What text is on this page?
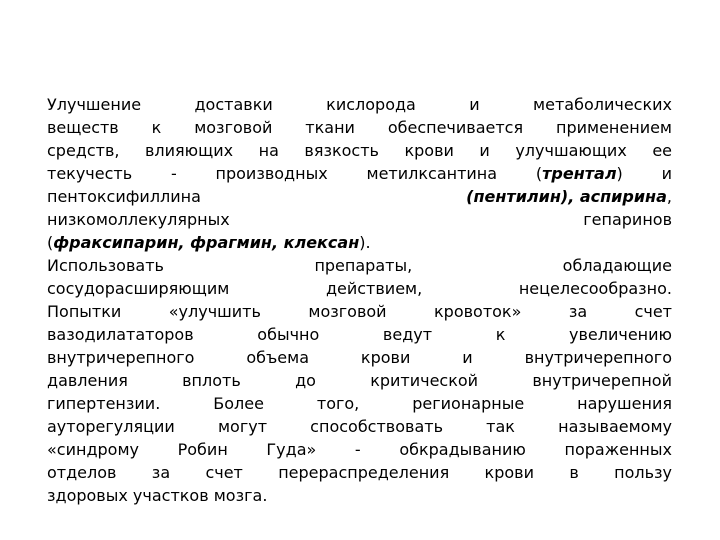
Улучшение доставки кислорода и метаболических
веществ к мозговой ткани обеспечивается применением
средств, влияющих на вязкость крови и улучшающих ее
текучесть - производных метилксантина (трентал) и
пентоксифиллина	(пентилин), аспирина,
низкомоллекулярных	гепаринов
(фраксипарин, фрагмин, клексан).
Использовать	препараты,	обладающие
сосудорасширяющим действием, нецелесообразно.
Попытки «улучшить мозговой кровоток» за счет
вазодилататоров обычно ведут к увеличению
внутричерепного объема крови и внутричерепного
давления вплоть до критической внутричерепной
гипертензии. Более того, регионарные нарушения
ауторегуляции могут способствовать так называемому
«синдрому Робин Гуда» - обкрадыванию пораженных
отделов за счет перераспределения крови в пользу
здоровых участков мозга.
